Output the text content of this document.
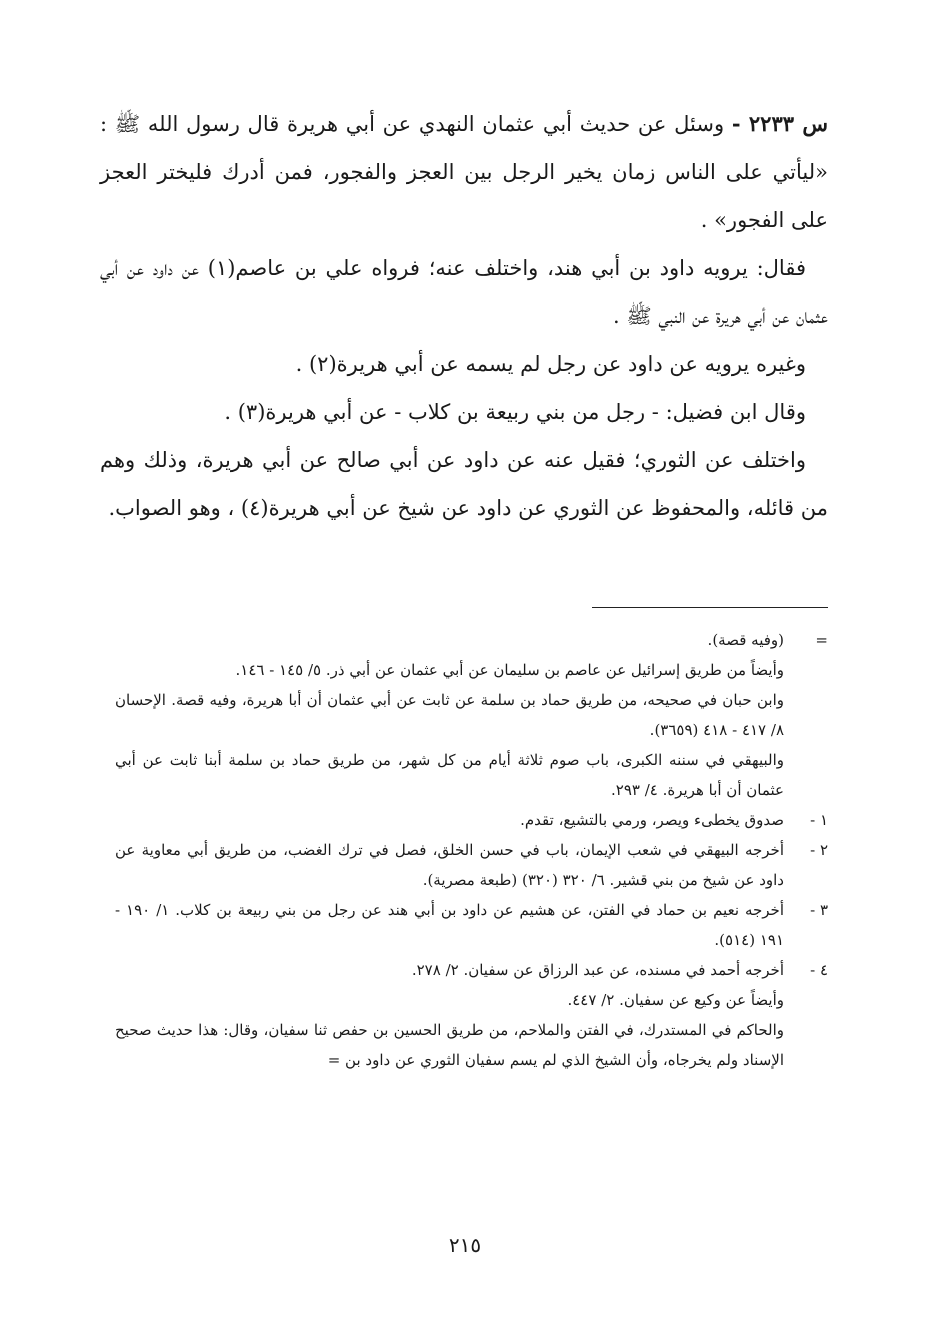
س ٢٢٣٣ - وسئل عن حديث أبي عثمان النهدي عن أبي هريرة قال رسول الله ﷺ : «ليأتي على الناس زمان يخير الرجل بين العجز والفجور، فمن أدرك فليختر العجز على الفجور» .

فقال: يرويه داود بن أبي هند، واختلف عنه؛ فرواه علي بن عاصم(١) عن داود عن أبي عثمان عن أبي هريرة عن النبي ﷺ .

وغيره يرويه عن داود عن رجل لم يسمه عن أبي هريرة(٢) .

وقال ابن فضيل: - رجل من بني ربيعة بن كلاب - عن أبي هريرة(٣) .

واختلف عن الثوري؛ فقيل عنه عن داود عن أبي صالح عن أبي هريرة، وذلك وهم من قائله، والمحفوظ عن الثوري عن داود عن شيخ عن أبي هريرة(٤) ، وهو الصواب.

=

(وفيه قصة).

وأيضاً من طريق إسرائيل عن عاصم بن سليمان عن أبي عثمان عن أبي ذر. ٥/ ١٤٥ - ١٤٦.

وابن حبان في صحيحه، من طريق حماد بن سلمة عن ثابت عن أبي عثمان أن أبا هريرة، وفيه قصة. الإحسان ٨/ ٤١٧ - ٤١٨ (٣٦٥٩).

والبيهقي في سننه الكبرى، باب صوم ثلاثة أيام من كل شهر، من طريق حماد بن سلمة أبنا ثابت عن أبي عثمان أن أبا هريرة. ٤/ ٢٩٣.

١ -

صدوق يخطىء ويصر، ورمي بالتشيع، تقدم.

٢ -

أخرجه البيهقي في شعب الإيمان، باب في حسن الخلق، فصل في ترك الغضب، من طريق أبي معاوية عن داود عن شيخ من بني قشير. ٦/ ٣٢٠ (٣٢٠) (طبعة مصرية).

٣ -

أخرجه نعيم بن حماد في الفتن، عن هشيم عن داود بن أبي هند عن رجل من بني ربيعة بن كلاب. ١/ ١٩٠ - ١٩١ (٥١٤).

٤ -

أخرجه أحمد في مسنده، عن عبد الرزاق عن سفيان. ٢/ ٢٧٨.

وأيضاً عن وكيع عن سفيان. ٢/ ٤٤٧.

والحاكم في المستدرك، في الفتن والملاحم، من طريق الحسين بن حفص ثنا سفيان، وقال: هذا حديث صحيح الإسناد ولم يخرجاه، وأن الشيخ الذي لم يسم سفيان الثوري عن داود بن =

٢١٥
